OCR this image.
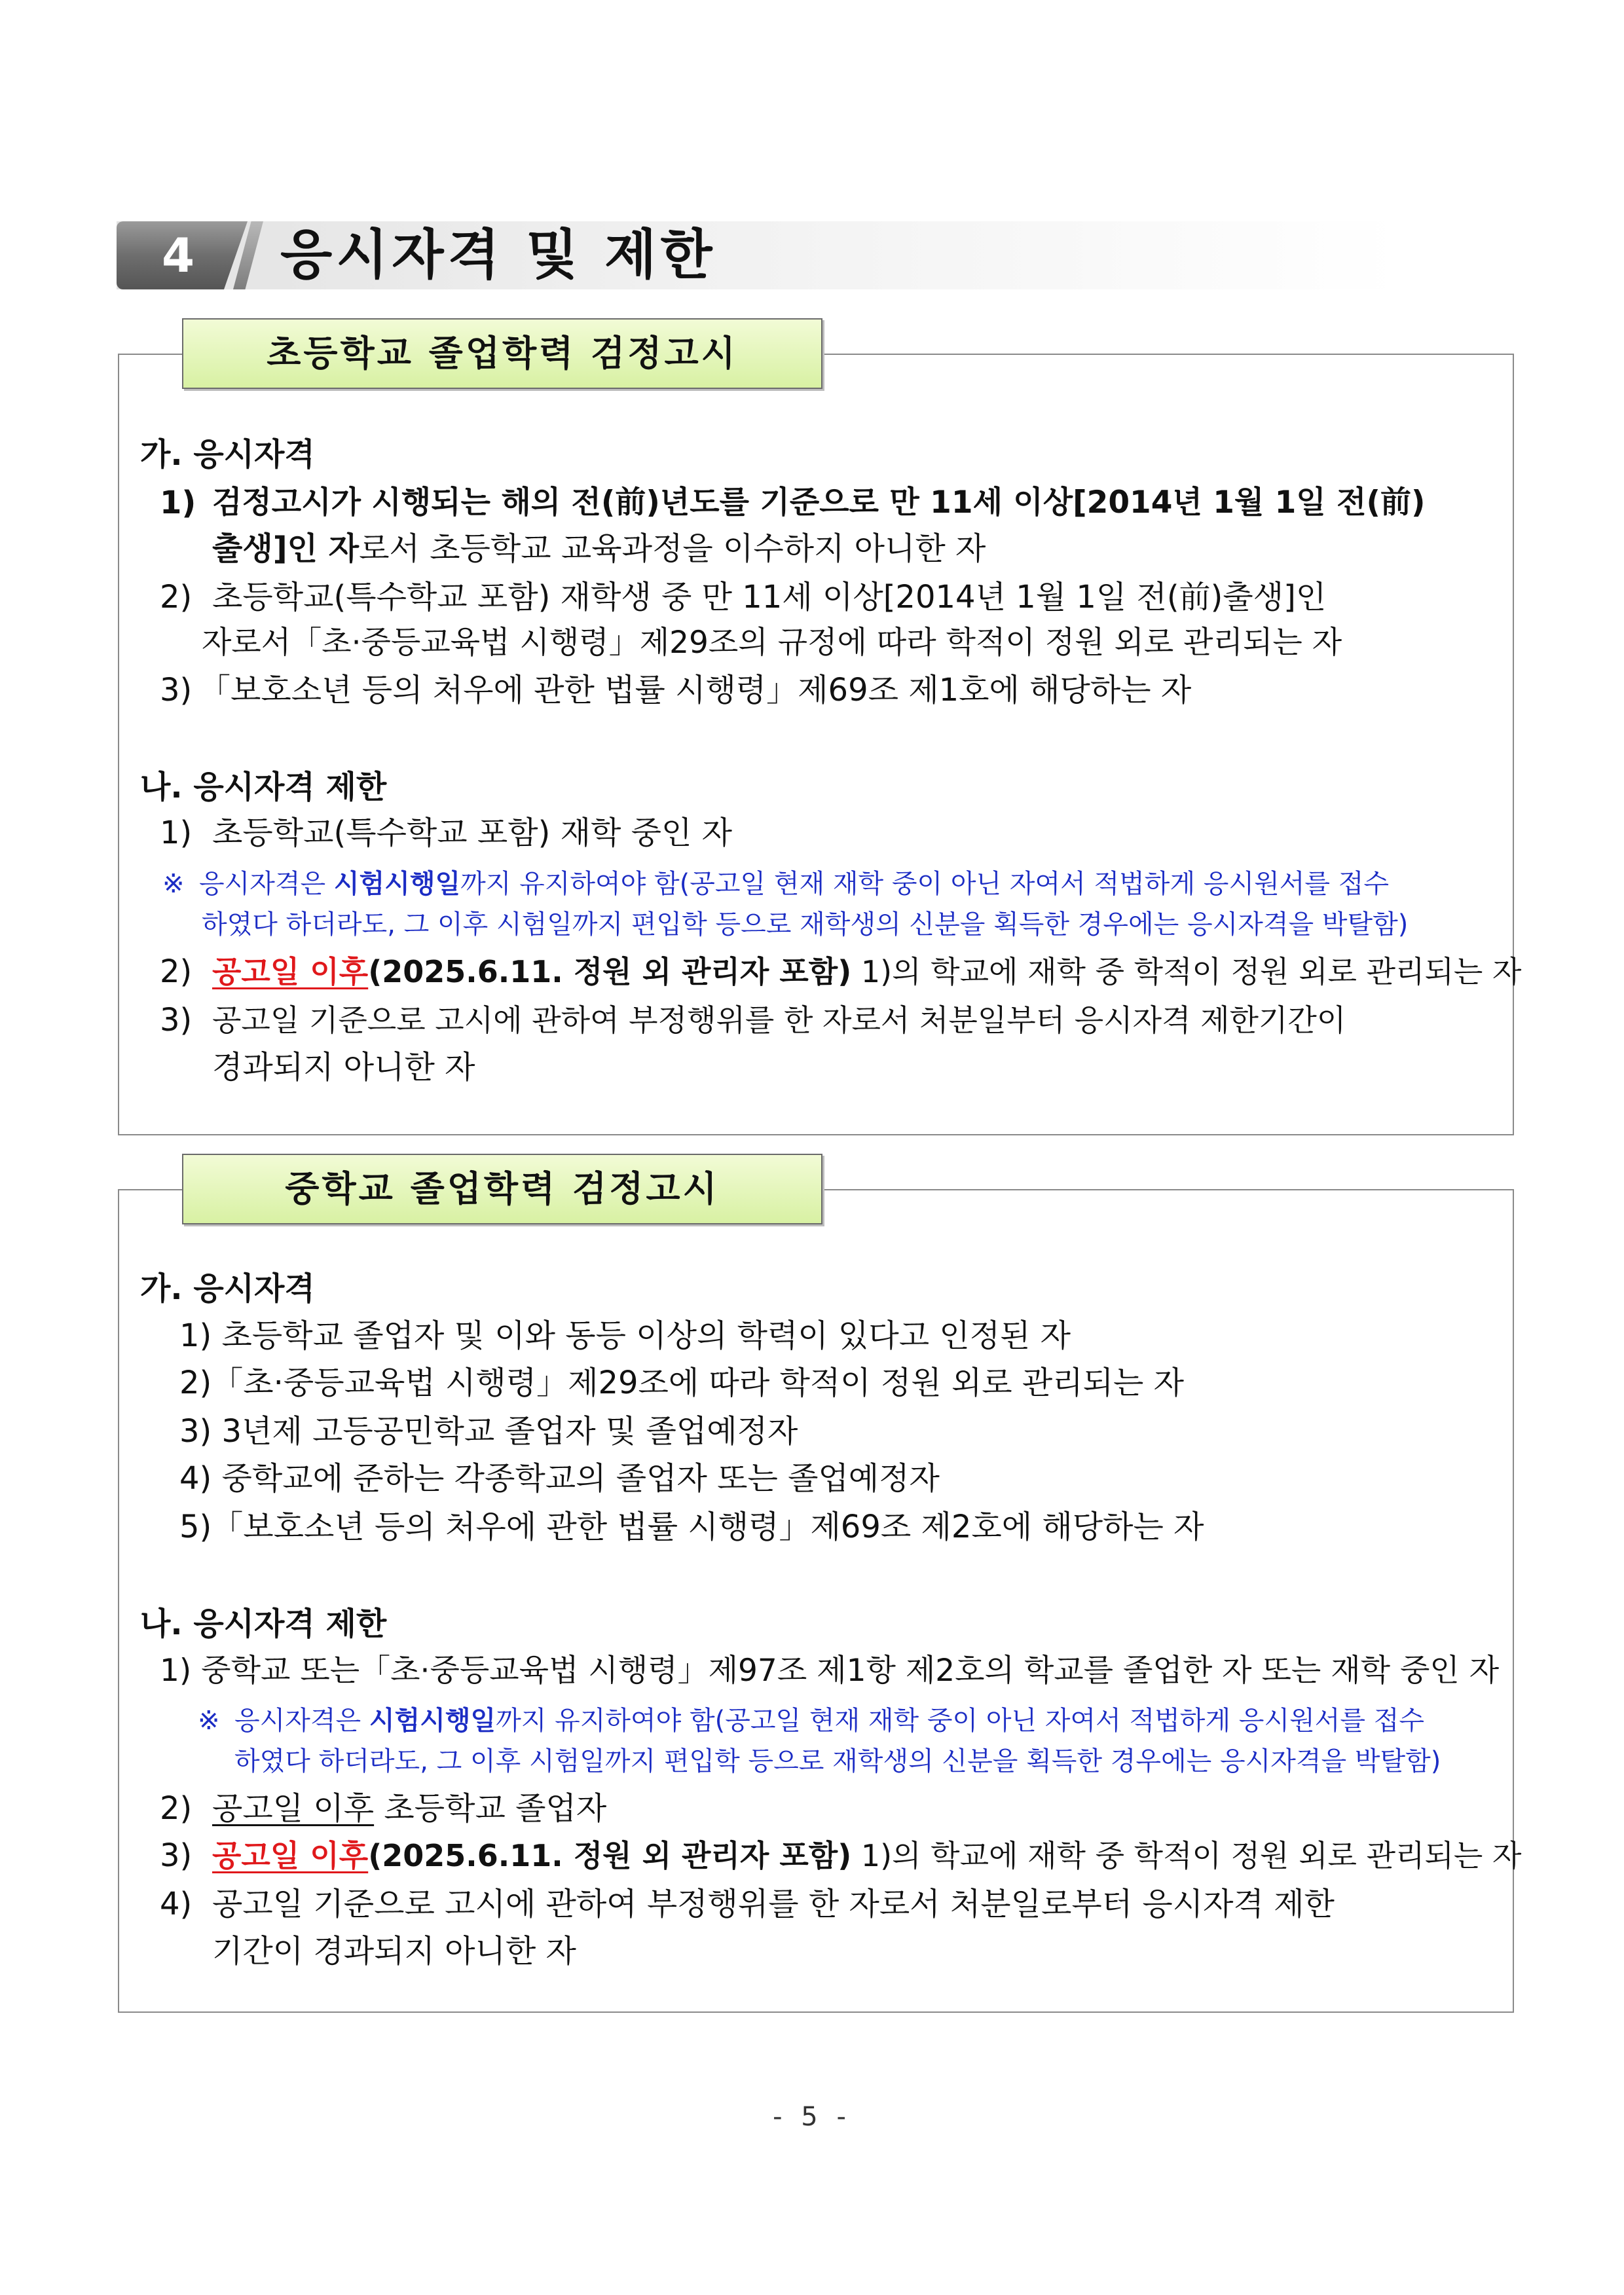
4	응시자격 및 제한
가. 응시자격
1) 검정고시가 시행되는 해의 전(前)년도를 기준으로 만 11세 이상[2014년 1월 1일 전(前)
출생]인 자로서 초등학교 교육과정을 이수하지 아니한 자
2) 초등학교(특수학교 포함) 재학생 중 만 11세 이상[2014년 1월 1일 전(前)출생]인
자로서「초·중등교육법 시행령」제29조의 규정에 따라 학적이 정원 외로 관리되는 자
3) 「보호소년 등의 처우에 관한 법률 시행령」제69조 제1호에 해당하는 자
나. 응시자격 제한
1) 초등학교(특수학교 포함) 재학 중인 자
※ 응시자격은 시험시행일까지 유지하여야 함(공고일 현재 재학 중이 아닌 자여서 적법하게 응시원서를 접수
하였다 하더라도, 그 이후 시험일까지 편입학 등으로 재학생의 신분을 획득한 경우에는 응시자격을 박탈함)
2) 공고일 이후(2025.6.11. 정원 외 관리자 포함) 1)의 학교에 재학 중 학적이 정원 외로 관리되는 자
3) 공고일 기준으로 고시에 관하여 부정행위를 한 자로서 처분일부터 응시자격 제한기간이
경과되지 아니한 자
초등학교 졸업학력 검정고시
가. 응시자격
1) 초등학교 졸업자 및 이와 동등 이상의 학력이 있다고 인정된 자
2)「초·중등교육법 시행령」제29조에 따라 학적이 정원 외로 관리되는 자
3) 3년제 고등공민학교 졸업자 및 졸업예정자
4) 중학교에 준하는 각종학교의 졸업자 또는 졸업예정자
5)「보호소년 등의 처우에 관한 법률 시행령」제69조 제2호에 해당하는 자
나. 응시자격 제한
1) 중학교 또는「초·중등교육법 시행령」제97조 제1항 제2호의 학교를 졸업한 자 또는 재학 중인 자
※ 응시자격은 시험시행일까지 유지하여야 함(공고일 현재 재학 중이 아닌 자여서 적법하게 응시원서를 접수
하였다 하더라도, 그 이후 시험일까지 편입학 등으로 재학생의 신분을 획득한 경우에는 응시자격을 박탈함)
2) 공고일 이후 초등학교 졸업자
3) 공고일 이후(2025.6.11. 정원 외 관리자 포함) 1)의 학교에 재학 중 학적이 정원 외로 관리되는 자
4) 공고일 기준으로 고시에 관하여 부정행위를 한 자로서 처분일로부터 응시자격 제한
기간이 경과되지 아니한 자
중학교 졸업학력 검정고시
- 5 -
